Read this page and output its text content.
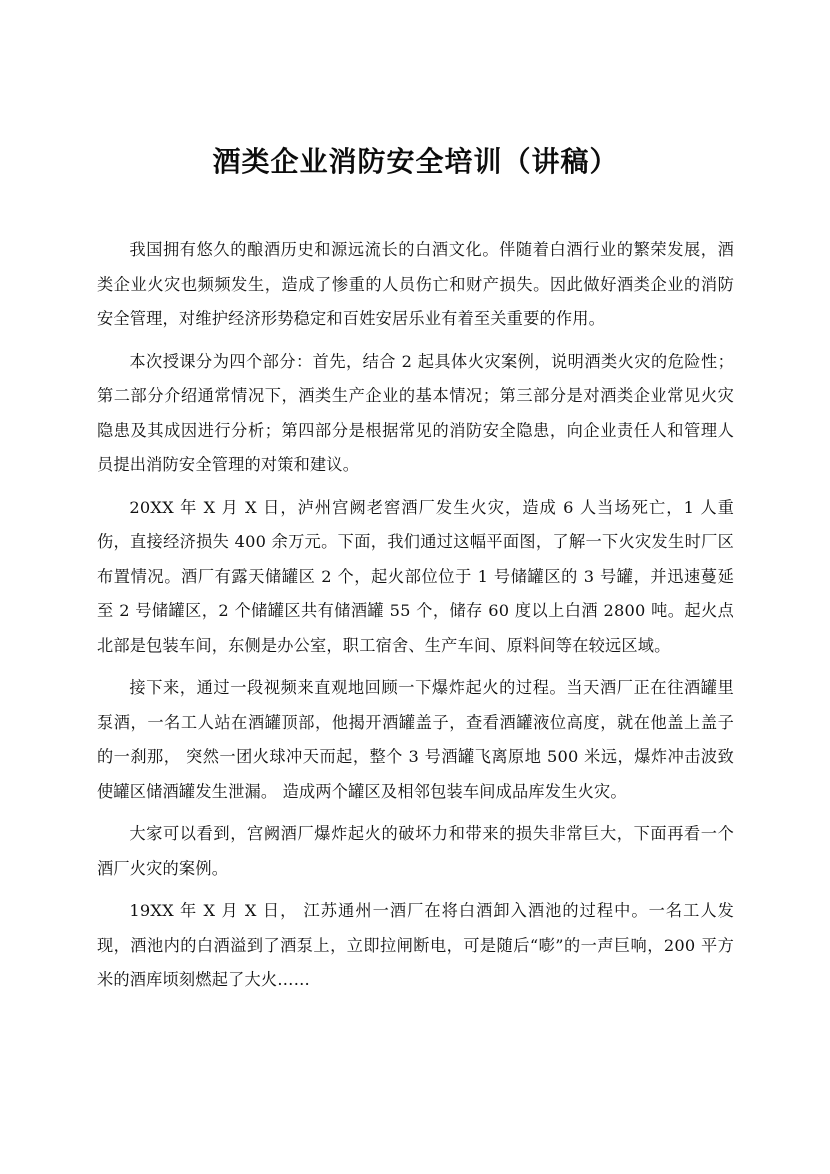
酒类企业消防安全培训（讲稿）

我国拥有悠久的酿酒历史和源远流长的白酒文化。伴随着白酒行业的繁荣发展，酒类企业火灾也频频发生，造成了惨重的人员伤亡和财产损失。因此做好酒类企业的消防安全管理，对维护经济形势稳定和百姓安居乐业有着至关重要的作用。

本次授课分为四个部分：首先，结合 2 起具体火灾案例，说明酒类火灾的危险性；第二部分介绍通常情况下，酒类生产企业的基本情况；第三部分是对酒类企业常见火灾隐患及其成因进行分析；第四部分是根据常见的消防安全隐患，向企业责任人和管理人员提出消防安全管理的对策和建议。

20XX 年 X 月 X 日，泸州宫阙老窖酒厂发生火灾，造成 6 人当场死亡，1 人重伤，直接经济损失 400 余万元。下面，我们通过这幅平面图，了解一下火灾发生时厂区布置情况。酒厂有露天储罐区 2 个，起火部位位于 1 号储罐区的 3 号罐，并迅速蔓延至 2 号储罐区，2 个储罐区共有储酒罐 55 个，储存 60 度以上白酒 2800 吨。起火点北部是包装车间，东侧是办公室，职工宿舍、生产车间、原料间等在较远区域。

接下来，通过一段视频来直观地回顾一下爆炸起火的过程。当天酒厂正在往酒罐里泵酒，一名工人站在酒罐顶部，他揭开酒罐盖子，查看酒罐液位高度，就在他盖上盖子的一刹那， 突然一团火球冲天而起，整个 3 号酒罐飞离原地 500 米远，爆炸冲击波致使罐区储酒罐发生泄漏。 造成两个罐区及相邻包装车间成品库发生火灾。

大家可以看到，宫阙酒厂爆炸起火的破坏力和带来的损失非常巨大，下面再看一个酒厂火灾的案例。

19XX 年 X 月 X 日， 江苏通州一酒厂在将白酒卸入酒池的过程中。一名工人发现，酒池内的白酒溢到了酒泵上，立即拉闸断电，可是随后“嘭”的一声巨响，200 平方米的酒库顷刻燃起了大火……
